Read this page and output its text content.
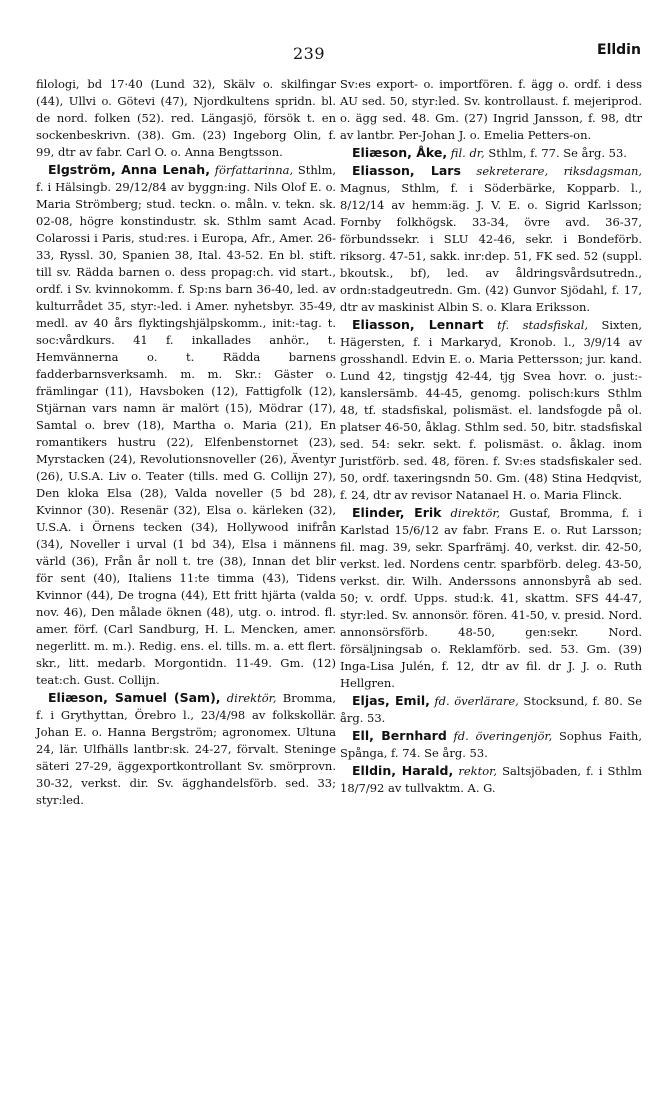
239	Elldin

filologi, bd 17·40 (Lund 32), Skälv o. skilfingar (44), Ullvi o. Götevi (47), Njordkultens spridn. bl. de nord. folken (52). red. Längasjö, försök t. en sockenbeskrivn. (38). Gm. (23) Ingeborg Olin, f. 99, dtr av fabr. Carl O. o. Anna Bengtsson.

Elgström, Anna Lenah, författarinna, Sthlm, f. i Hälsingb. 29/12/84 av byggn:ing. Nils Olof E. o. Maria Strömberg; stud. teckn. o. måln. v. tekn. sk. 02-08, högre konstindustr. sk. Sthlm samt Acad. Colarossi i Paris, stud:res. i Europa, Afr., Amer. 26-33, Ryssl. 30, Spanien 38, Ital. 43-52. En bl. stift. till sv. Rädda barnen o. dess propag:ch. vid start., ordf. i Sv. kvinnokomm. f. Sp:ns barn 36-40, led. av kulturrådet 35, styr:-led. i Amer. nyhetsbyr. 35-49, medl. av 40 års flyktingshjälpskomm., init:-tag. t. soc:vårdkurs. 41 f. inkallades anhör., t. Hemvännerna o. t. Rädda barnens fadderbarnsverksamh. m. m. Skr.: Gäster o. främlingar (11), Havsboken (12), Fattigfolk (12), Stjärnan vars namn är malört (15), Mödrar (17), Samtal o. brev (18), Martha o. Maria (21), En romantikers hustru (22), Elfenbenstornet (23), Myrstacken (24), Revolutionsnoveller (26), Äventyr (26), U.S.A. Liv o. Teater (tills. med G. Collijn 27), Den kloka Elsa (28), Valda noveller (5 bd 28), Kvinnor (30). Resenär (32), Elsa o. kärleken (32), U.S.A. i Örnens tecken (34), Hollywood inifrån (34), Noveller i urval (1 bd 34), Elsa i männens värld (36), Från år noll t. tre (38), Innan det blir för sent (40), Italiens 11:te timma (43), Tidens Kvinnor (44), De trogna (44), Ett fritt hjärta (valda nov. 46), Den målade öknen (48), utg. o. introd. fl. amer. förf. (Carl Sandburg, H. L. Mencken, amer. negerlitt. m. m.). Redig. ens. el. tills. m. a. ett flert. skr., litt. medarb. Morgontidn. 11-49. Gm. (12) teat:ch. Gust. Collijn.

Eliæson, Samuel (Sam), direktör, Bromma, f. i Grythyttan, Örebro l., 23/4/98 av folkskollär. Johan E. o. Hanna Bergström; agronomex. Ultuna 24, lär. Ulfhälls lantbr:sk. 24-27, förvalt. Steninge säteri 27-29, äggexportkontrollant Sv. smörprovn. 30-32, verkst. dir. Sv. ägghandelsförb. sed. 33; styr:led.

Sv:es export- o. importfören. f. ägg o. ordf. i dess AU sed. 50, styr:led. Sv. kontrollaust. f. mejeriprod. o. ägg sed. 48. Gm. (27) Ingrid Jansson, f. 98, dtr av lantbr. Per-Johan J. o. Emelia Petters-on.

Eliæson, Åke, fil. dr, Sthlm, f. 77. Se årg. 53.

Eliasson, Lars sekreterare, riksdagsman, Magnus, Sthlm, f. i Söderbärke, Kopparb. l., 8/12/14 av hemm:äg. J. V. E. o. Sigrid Karlsson; Fornby folkhögsk. 33-34, övre avd. 36-37, förbundssekr. i SLU 42-46, sekr. i Bondeförb. riksorg. 47-51, sakk. inr:dep. 51, FK sed. 52 (suppl. bkoutsk., bf), led. av åldringsvårdsutredn., ordn:stadgeutredn. Gm. (42) Gunvor Sjödahl, f. 17, dtr av maskinist Albin S. o. Klara Eriksson.

Eliasson, Lennart tf. stadsfiskal, Sixten, Hägersten, f. i Markaryd, Kronob. l., 3/9/14 av grosshandl. Edvin E. o. Maria Pettersson; jur. kand. Lund 42, tingstjg 42-44, tjg Svea hovr. o. just:-kanslersämb. 44-45, genomg. polisch:kurs Sthlm 48, tf. stadsfiskal, polismäst. el. landsfogde på ol. platser 46-50, åklag. Sthlm sed. 50, bitr. stadsfiskal sed. 54: sekr. sekt. f. polismäst. o. åklag. inom Juristförb. sed. 48, fören. f. Sv:es stadsfiskaler sed. 50, ordf. taxeringsndn 50. Gm. (48) Stina Hedqvist, f. 24, dtr av revisor Natanael H. o. Maria Flinck.

Elinder, Erik direktör, Gustaf, Bromma, f. i Karlstad 15/6/12 av fabr. Frans E. o. Rut Larsson; fil. mag. 39, sekr. Sparfrämj. 40, verkst. dir. 42-50, verkst. led. Nordens centr. sparbförb. deleg. 43-50, verkst. dir. Wilh. Anderssons annonsbyrå ab sed. 50; v. ordf. Upps. stud:k. 41, skattm. SFS 44-47, styr:led. Sv. annonsör. fören. 41-50, v. presid. Nord. annonsörsförb. 48-50, gen:sekr. Nord. försäljningsab o. Reklamförb. sed. 53. Gm. (39) Inga-Lisa Julén, f. 12, dtr av fil. dr J. J. o. Ruth Hellgren.

Eljas, Emil, fd. överlärare, Stocksund, f. 80. Se årg. 53.

Ell, Bernhard fd. överingenjör, Sophus Faith, Spånga, f. 74. Se årg. 53.

Elldin, Harald, rektor, Saltsjöbaden, f. i Sthlm 18/7/92 av tullvaktm. A. G.
